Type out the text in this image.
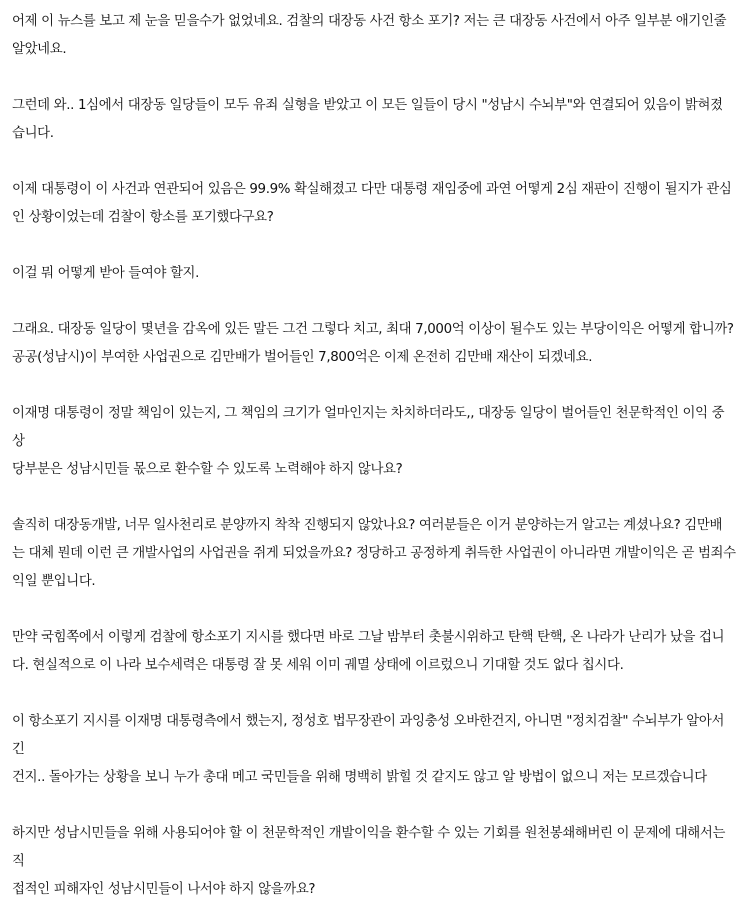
어제 이 뉴스를 보고 제 눈을 믿을수가 없었네요. 검찰의 대장동 사건 항소 포기? 저는 큰 대장동 사건에서 아주 일부분 애기인줄
알았네요.

그런데 와.. 1심에서 대장동 일당들이 모두 유죄 실형을 받았고 이 모든 일들이 당시 "성남시 수뇌부"와 연결되어 있음이 밝혀졌
습니다.

이제 대통령이 이 사건과 연관되어 있음은 99.9% 확실해졌고 다만 대통령 재임중에 과연 어떻게 2심 재판이 진행이 될지가 관심
인 상황이었는데 검찰이 항소를 포기했다구요?

이걸 뭐 어떻게 받아 들여야 할지.

그래요. 대장동 일당이 몇년을 감옥에 있든 말든 그건 그렇다 치고, 최대 7,000억 이상이 될수도 있는 부당이익은 어떻게 합니까?
공공(성남시)이 부여한 사업권으로 김만배가 벌어들인 7,800억은 이제 온전히 김만배 재산이 되겠네요.

이재명 대통령이 정말 책임이 있는지, 그 책임의 크기가 얼마인지는 차치하더라도,, 대장동 일당이 벌어들인 천문학적인 이익 중 상
당부분은 성남시민들 몫으로 환수할 수 있도록 노력해야 하지 않나요?

솔직히 대장동개발, 너무 일사천리로 분양까지 착착 진행되지 않았나요? 여러분들은 이거 분양하는거 알고는 계셨나요? 김만배
는 대체 뭔데 이런 큰 개발사업의 사업권을 쥐게 되었을까요? 정당하고 공정하게 취득한 사업권이 아니라면 개발이익은 곧 범죄수
익일 뿐입니다.

만약 국힘쪽에서 이렇게 검찰에 항소포기 지시를 했다면 바로 그날 밤부터 촛불시위하고 탄핵 탄핵, 온 나라가 난리가 났을 겁니
다. 현실적으로 이 나라 보수세력은 대통령 잘 못 세워 이미 궤멸 상태에 이르렀으니 기대할 것도 없다 칩시다.

이 항소포기 지시를 이재명 대통령측에서 했는지, 정성호 법무장관이 과잉충성 오바한건지, 아니면 "정치검찰" 수뇌부가 알아서 긴
건지.. 돌아가는 상황을 보니 누가 총대 메고 국민들을 위해 명백히 밝힐 것 같지도 않고 알 방법이 없으니 저는 모르겠습니다

하지만 성남시민들을 위해 사용되어야 할 이 천문학적인 개발이익을 환수할 수 있는 기회를 원천봉쇄해버린 이 문제에 대해서는 직
접적인 피해자인 성남시민들이 나서야 하지 않을까요?
